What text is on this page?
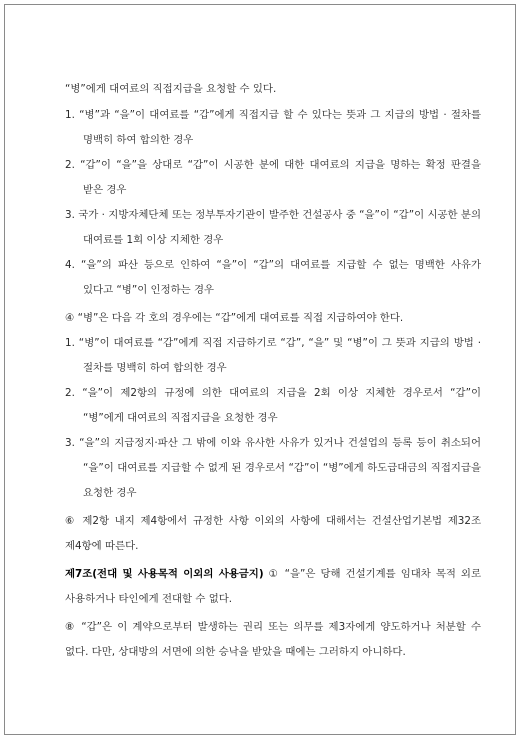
“병”에게 대여료의 직접지급을 요청할 수 있다.

1. “병”과 “을”이 대여료를 “갑”에게 직접지급 할 수 있다는 뜻과 그 지급의 방법 · 절차를 명백히 하여 합의한 경우

2. “갑”이 “을”을 상대로 “갑”이 시공한 분에 대한 대여료의 지급을 명하는 확정 판결을 받은 경우

3. 국가 · 지방자체단체 또는 정부투자기관이 발주한 건설공사 중 “을”이 “갑”이 시공한 분의 대여료를 1회 이상 지체한 경우

4. “을”의 파산 등으로 인하여 “을”이 “갑”의 대여료를 지급할 수 없는 명백한 사유가 있다고 “병”이 인정하는 경우

④ “병”은 다음 각 호의 경우에는 “갑”에게 대여료를 직접 지급하여야 한다.

1. “병”이 대여료를 “갑”에게 직접 지급하기로 “갑”, “을” 및 “병”이 그 뜻과 지급의 방법 · 절차를 명백히 하여 합의한 경우

2. “을”이 제2항의 규정에 의한 대여료의 지급을 2회 이상 지체한 경우로서 “갑”이 “병”에게 대여료의 직접지급을 요청한 경우

3. “을”의 지급정지·파산 그 밖에 이와 유사한 사유가 있거나 건설업의 등록 등이 취소되어 “을”이 대여료를 지급할 수 없게 된 경우로서 “갑”이 “병”에게 하도급대금의 직접지급을 요청한 경우

⑥ 제2항 내지 제4항에서 규정한 사항 이외의 사항에 대해서는 건설산업기본법 제32조 제4항에 따른다.

제7조(전대 및 사용목적 이외의 사용금지) ① “을”은 당해 건설기계를 임대차 목적 외로 사용하거나 타인에게 전대할 수 없다.

⑧ “갑”은 이 계약으로부터 발생하는 권리 또는 의무를 제3자에게 양도하거나 처분할 수 없다. 다만, 상대방의 서면에 의한 승낙을 받았을 때에는 그러하지 아니하다.
